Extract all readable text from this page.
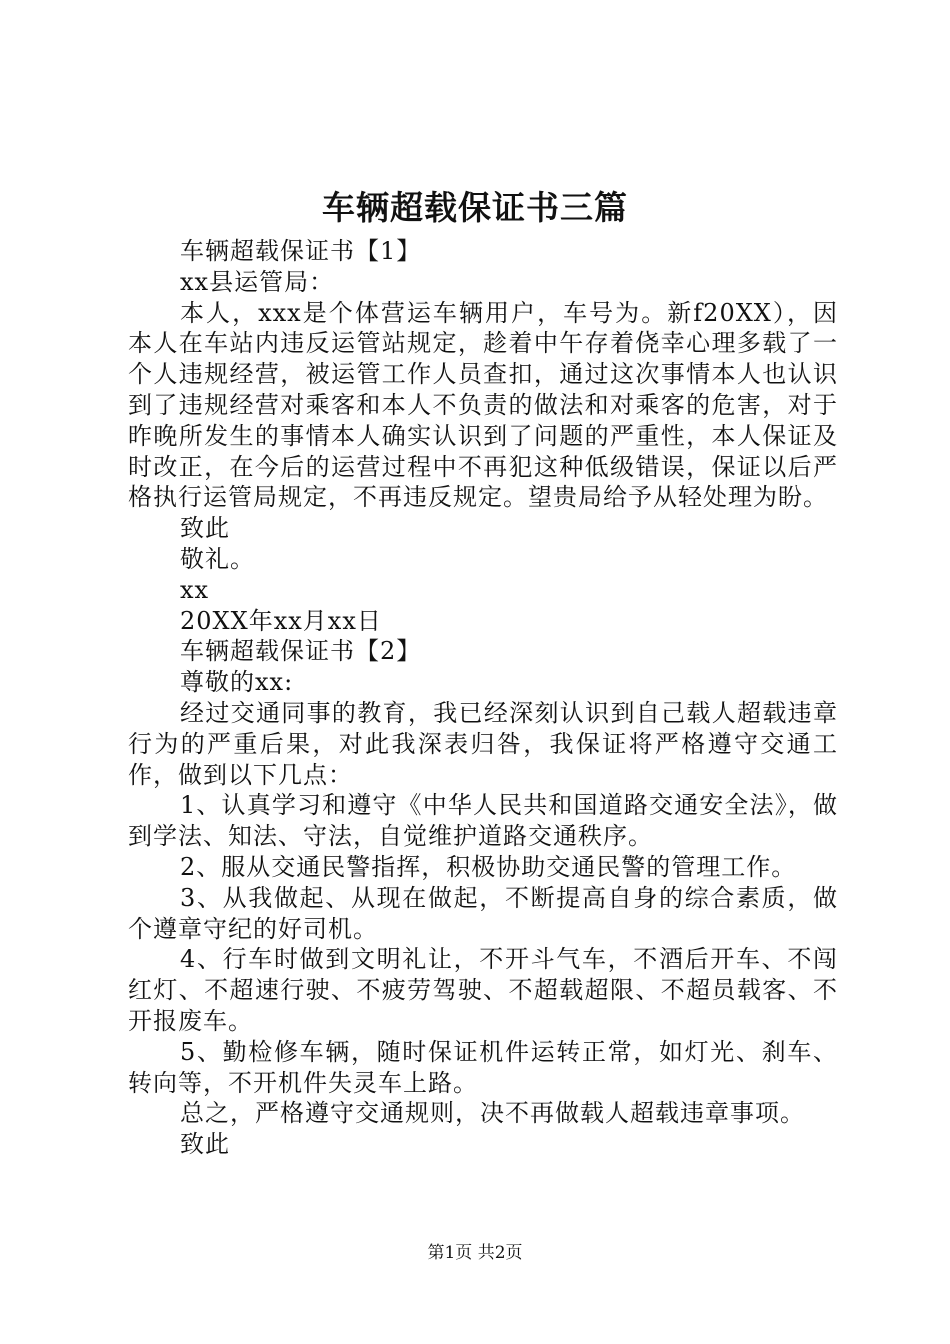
车辆超载保证书三篇

车辆超载保证书【1】

xx县运管局：

本人，xxx是个体营运车辆用户，车号为。新f20XX），因本人在车站内违反运管站规定，趁着中午存着侥幸心理多载了一个人违规经营，被运管工作人员查扣，通过这次事情本人也认识到了违规经营对乘客和本人不负责的做法和对乘客的危害，对于昨晚所发生的事情本人确实认识到了问题的严重性，本人保证及时改正，在今后的运营过程中不再犯这种低级错误，保证以后严格执行运管局规定，不再违反规定。望贵局给予从轻处理为盼。

致此

敬礼。

xx

20XX年xx月xx日

车辆超载保证书【2】

尊敬的xx:

经过交通同事的教育，我已经深刻认识到自己载人超载违章行为的严重后果，对此我深表归咎，我保证将严格遵守交通工作，做到以下几点：

1、认真学习和遵守《中华人民共和国道路交通安全法》，做到学法、知法、守法，自觉维护道路交通秩序。

2、服从交通民警指挥，积极协助交通民警的管理工作。

3、从我做起、从现在做起，不断提高自身的综合素质，做个遵章守纪的好司机。

4、行车时做到文明礼让，不开斗气车，不酒后开车、不闯红灯、不超速行驶、不疲劳驾驶、不超载超限、不超员载客、不开报废车。

5、勤检修车辆，随时保证机件运转正常，如灯光、刹车、转向等，不开机件失灵车上路。

总之，严格遵守交通规则，决不再做载人超载违章事项。

致此

第1页 共2页
